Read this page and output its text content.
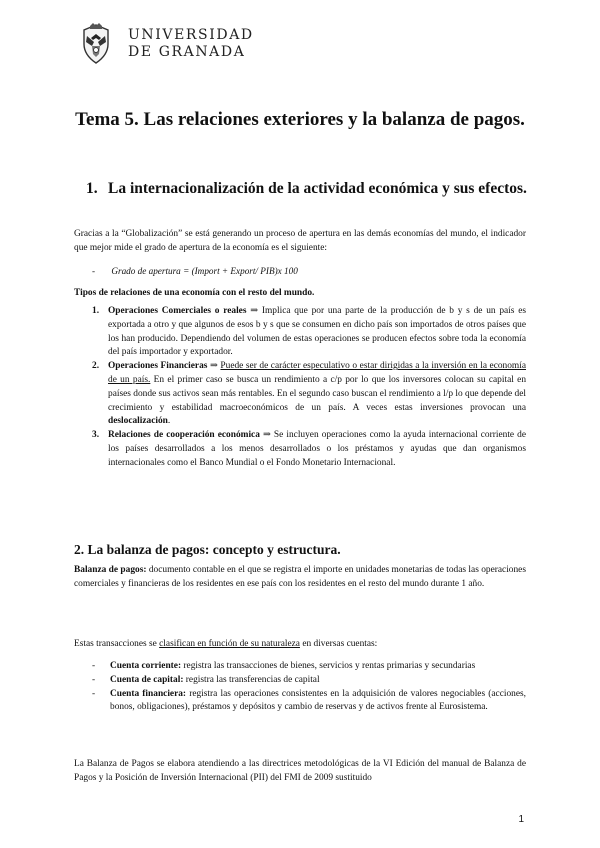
UNIVERSIDAD
DE GRANADA
Tema 5. Las relaciones exteriores y la balanza de pagos.
1. La internacionalización de la actividad económica y sus efectos.
Gracias a la “Globalización” se está generando un proceso de apertura en las demás economías del mundo, el indicador que mejor mide el grado de apertura de la economía es el siguiente:
- Grado de apertura = (Import + Export/ PIB)x 100
Tipos de relaciones de una economía con el resto del mundo.
1. Operaciones Comerciales o reales ⇒ Implica que por una parte de la producción de b y s de un país es exportada a otro y que algunos de esos b y s que se consumen en dicho país son importados de otros países que los han producido. Dependiendo del volumen de estas operaciones se producen efectos sobre toda la economía del país importador y exportador.
2. Operaciones Financieras ⇒ Puede ser de carácter especulativo o estar dirigidas a la inversión en la economía de un país. En el primer caso se busca un rendimiento a c/p por lo que los inversores colocan su capital en países donde sus activos sean más rentables. En el segundo caso buscan el rendimiento a l/p lo que depende del crecimiento y estabilidad macroeconómicos de un país. A veces estas inversiones provocan una deslocalización.
3. Relaciones de cooperación económica ⇒ Se incluyen operaciones como la ayuda internacional corriente de los países desarrollados a los menos desarrollados o los préstamos y ayudas que dan organismos internacionales como el Banco Mundial o el Fondo Monetario Internacional.
2. La balanza de pagos: concepto y estructura.
Balanza de pagos: documento contable en el que se registra el importe en unidades monetarias de todas las operaciones comerciales y financieras de los residentes en ese país con los residentes en el resto del mundo durante 1 año.
Estas transacciones se clasifican en función de su naturaleza en diversas cuentas:
- Cuenta corriente: registra las transacciones de bienes, servicios y rentas primarias y secundarias
- Cuenta de capital: registra las transferencias de capital
- Cuenta financiera: registra las operaciones consistentes en la adquisición de valores negociables (acciones, bonos, obligaciones), préstamos y depósitos y cambio de reservas y de activos frente al Eurosistema.
La Balanza de Pagos se elabora atendiendo a las directrices metodológicas de la VI Edición del manual de Balanza de Pagos y la Posición de Inversión Internacional (PII) del FMI de 2009 sustituido
1
